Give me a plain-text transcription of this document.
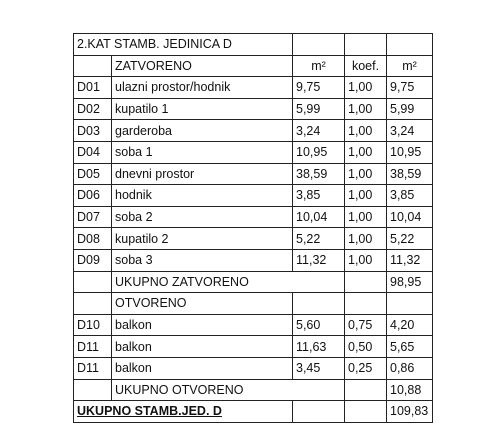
2.KAT STAMB. JEDINICA D				
	ZATVORENO	m²	koef.	m²
D01	ulazni prostor/hodnik	9,75	1,00	9,75
D02	kupatilo 1	5,99	1,00	5,99
D03	garderoba	3,24	1,00	3,24
D04	soba 1	10,95	1,00	10,95
D05	dnevni prostor	38,59	1,00	38,59
D06	hodnik	3,85	1,00	3,85
D07	soba 2	10,04	1,00	10,04
D08	kupatilo 2	5,22	1,00	5,22
D09	soba 3	11,32	1,00	11,32
	UKUPNO ZATVORENO			98,95
	OTVORENO			
D10	balkon	5,60	0,75	4,20
D11	balkon	11,63	0,50	5,65
D11	balkon	3,45	0,25	0,86
	UKUPNO OTVORENO			10,88
UKUPNO STAMB.JED. D				109,83
